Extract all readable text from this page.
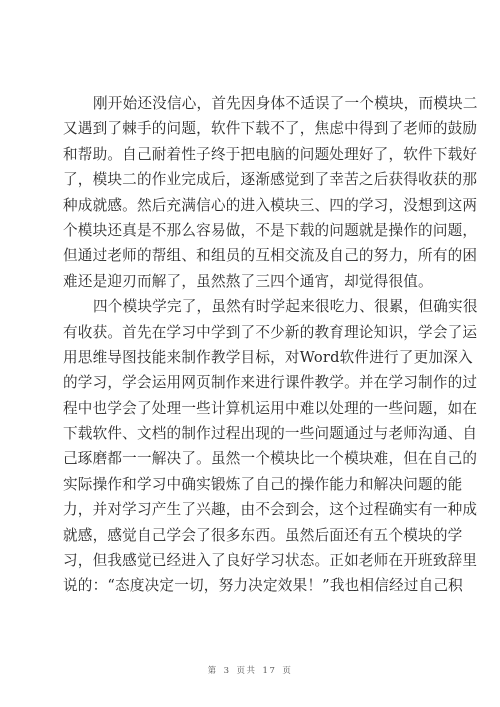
刚开始还没信心，首先因身体不适误了一个模块，而模块二
又遇到了棘手的问题，软件下载不了，焦虑中得到了老师的鼓励
和帮助。自己耐着性子终于把电脑的问题处理好了，软件下载好
了，模块二的作业完成后，逐渐感觉到了幸苦之后获得收获的那
种成就感。然后充满信心的进入模块三、四的学习，没想到这两
个模块还真是不那么容易做，不是下载的问题就是操作的问题，
但通过老师的帮组、和组员的互相交流及自己的努力，所有的困
难还是迎刃而解了，虽然熬了三四个通宵，却觉得很值。
四个模块学完了，虽然有时学起来很吃力、很累，但确实很
有收获。首先在学习中学到了不少新的教育理论知识，学会了运
用思维导图技能来制作教学目标，对Word软件进行了更加深入
的学习，学会运用网页制作来进行课件教学。并在学习制作的过
程中也学会了处理一些计算机运用中难以处理的一些问题，如在
下载软件、文档的制作过程出现的一些问题通过与老师沟通、自
己琢磨都一一解决了。虽然一个模块比一个模块难，但在自己的
实际操作和学习中确实锻炼了自己的操作能力和解决问题的能
力，并对学习产生了兴趣，由不会到会，这个过程确实有一种成
就感，感觉自己学会了很多东西。虽然后面还有五个模块的学
习，但我感觉已经进入了良好学习状态。正如老师在开班致辞里
说的：“态度决定一切，努力决定效果！”我也相信经过自己积
第 3 页共 17 页
